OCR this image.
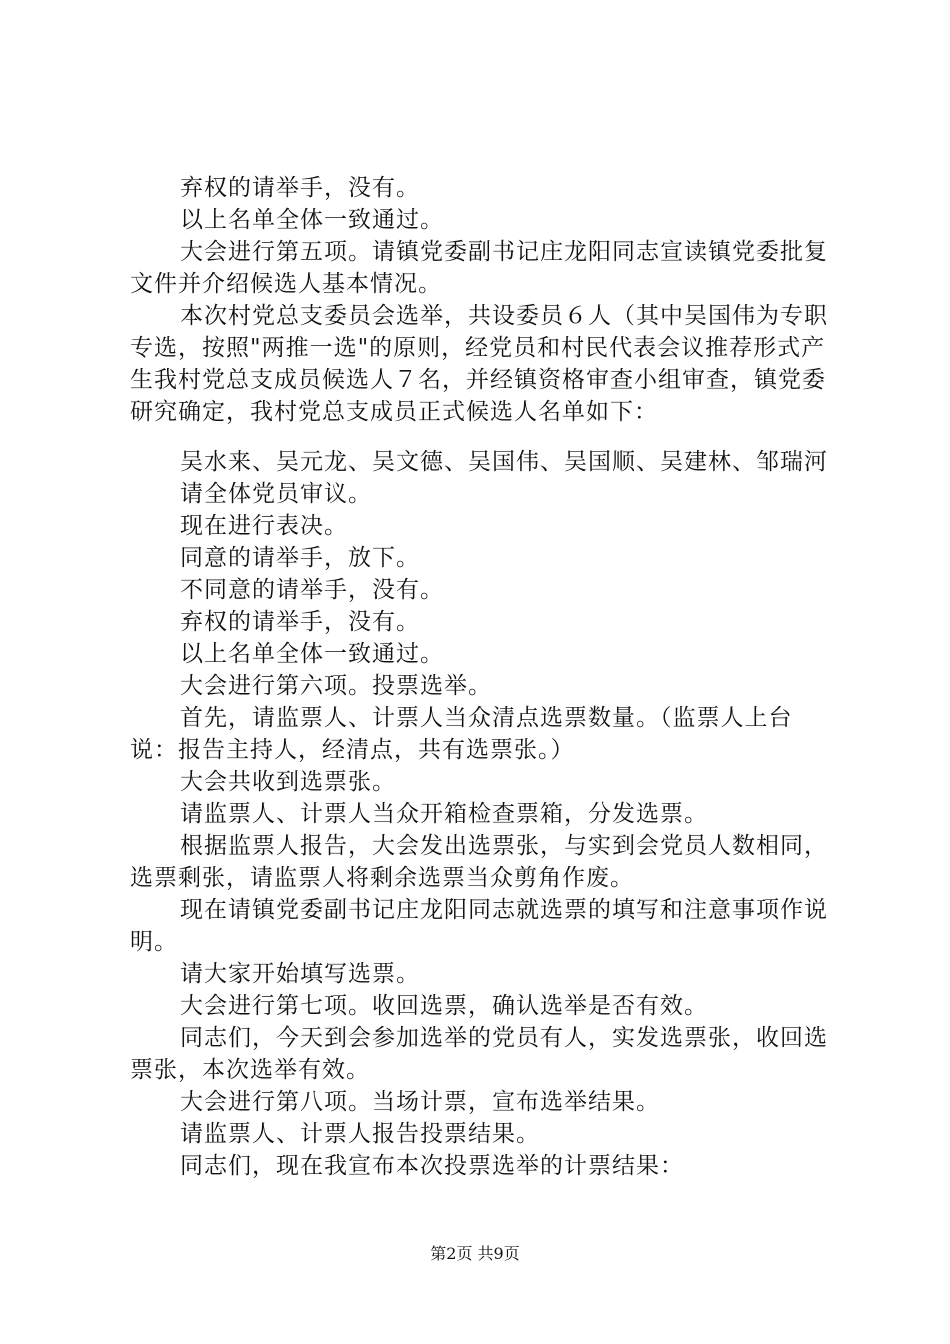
弃权的请举手，没有。

以上名单全体一致通过。

大会进行第五项。请镇党委副书记庄龙阳同志宣读镇党委批复文件并介绍候选人基本情况。

本次村党总支委员会选举，共设委员６人（其中吴国伟为专职专选，按照"两推一选"的原则，经党员和村民代表会议推荐形式产生我村党总支成员候选人７名，并经镇资格审查小组审查，镇党委研究确定，我村党总支成员正式候选人名单如下：

吴水来、吴元龙、吴文德、吴国伟、吴国顺、吴建林、邹瑞河

请全体党员审议。

现在进行表决。

同意的请举手，放下。

不同意的请举手，没有。

弃权的请举手，没有。

以上名单全体一致通过。

大会进行第六项。投票选举。

首先，请监票人、计票人当众清点选票数量。（监票人上台说：报告主持人，经清点，共有选票张。）

大会共收到选票张。

请监票人、计票人当众开箱检查票箱，分发选票。

根据监票人报告，大会发出选票张，与实到会党员人数相同，选票剩张，请监票人将剩余选票当众剪角作废。

现在请镇党委副书记庄龙阳同志就选票的填写和注意事项作说明。

请大家开始填写选票。

大会进行第七项。收回选票，确认选举是否有效。

同志们，今天到会参加选举的党员有人，实发选票张，收回选票张，本次选举有效。

大会进行第八项。当场计票，宣布选举结果。

请监票人、计票人报告投票结果。

同志们，现在我宣布本次投票选举的计票结果：

第2页 共9页
